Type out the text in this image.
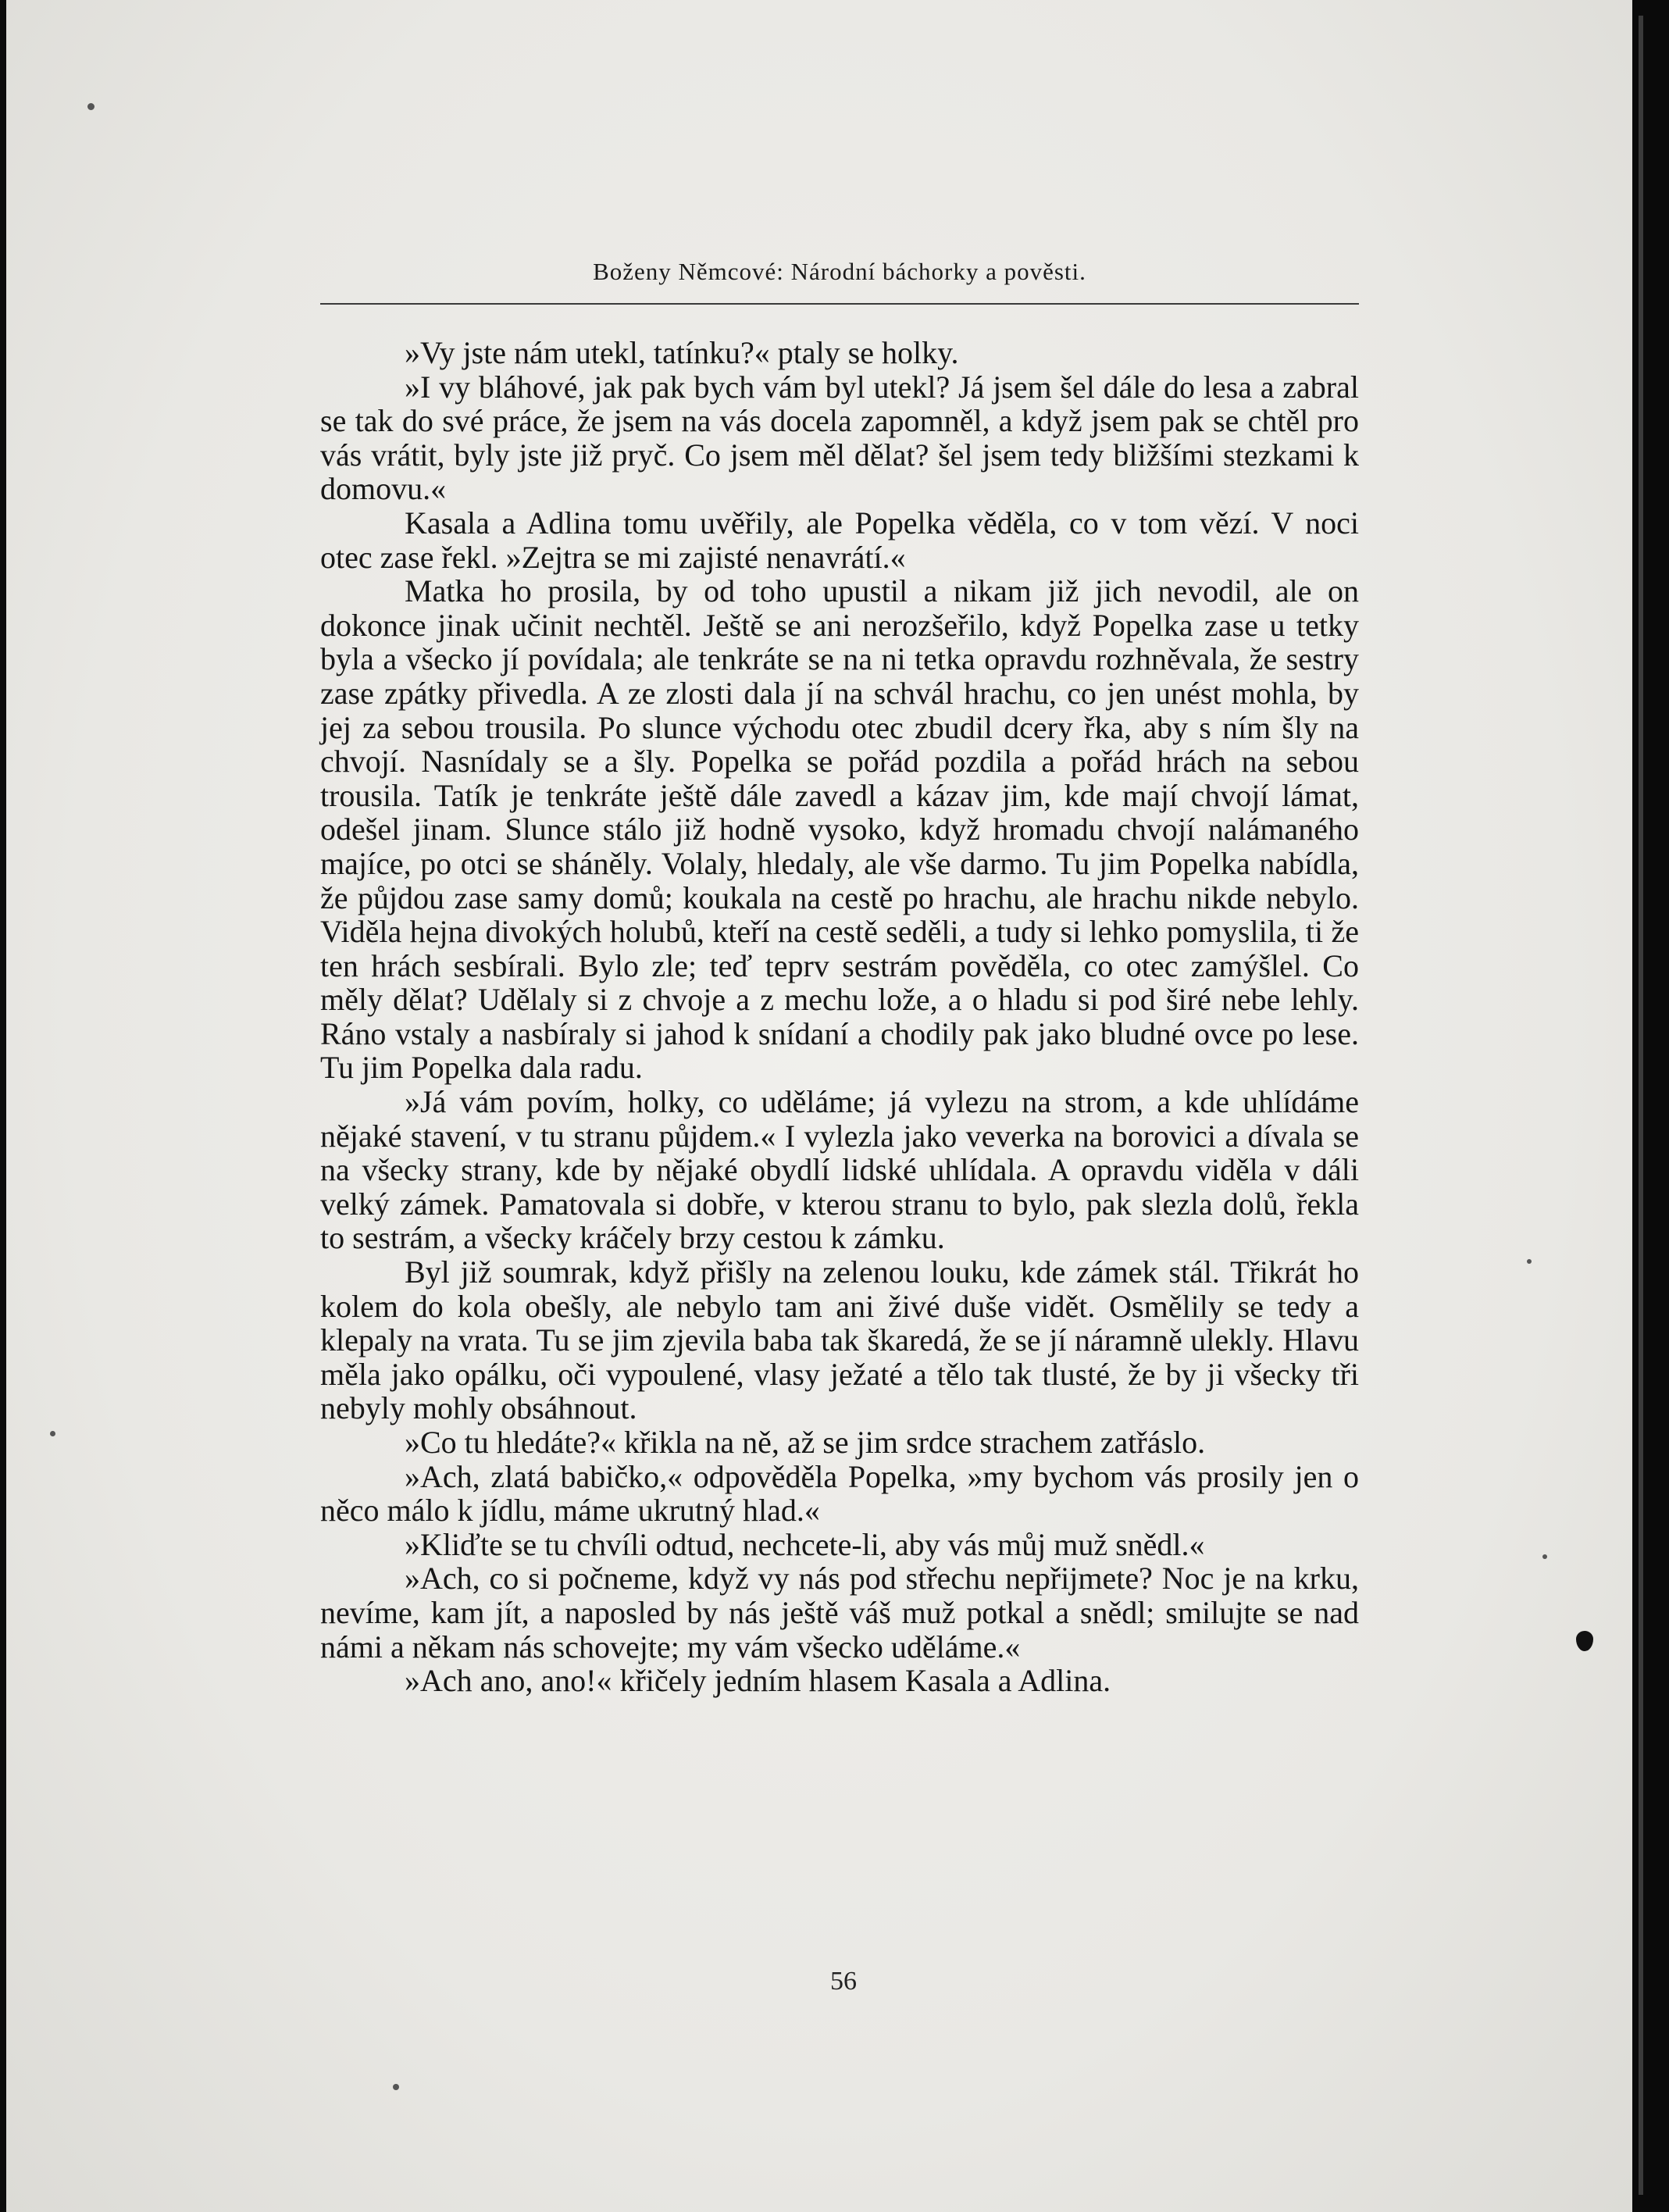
Boženy Němcové: Národní báchorky a pověsti.

»Vy jste nám utekl, tatínku?« ptaly se holky.

»I vy bláhové, jak pak bych vám byl utekl? Já jsem šel dále do lesa a zabral se tak do své práce, že jsem na vás docela zapomněl, a když jsem pak se chtěl pro vás vrátit, byly jste již pryč. Co jsem měl dělat? šel jsem tedy bližšími stezkami k domovu.«

Kasala a Adlina tomu uvěřily, ale Popelka věděla, co v tom vězí. V noci otec zase řekl. »Zejtra se mi zajisté nenavrátí.«

Matka ho prosila, by od toho upustil a nikam již jich nevodil, ale on dokonce jinak učinit nechtěl. Ještě se ani nerozšeřilo, když Popelka zase u tetky byla a všecko jí povídala; ale tenkráte se na ni tetka opravdu rozhněvala, že sestry zase zpátky přivedla. A ze zlosti dala jí na schvál hrachu, co jen unést mohla, by jej za sebou trousila. Po slunce východu otec zbudil dcery řka, aby s ním šly na chvojí. Nasnídaly se a šly. Popelka se pořád pozdila a pořád hrách na sebou trousila. Tatík je tenkráte ještě dále zavedl a kázav jim, kde mají chvojí lámat, odešel jinam. Slunce stálo již hodně vysoko, když hromadu chvojí nalámaného majíce, po otci se sháněly. Volaly, hledaly, ale vše darmo. Tu jim Popelka nabídla, že půjdou zase samy domů; koukala na cestě po hrachu, ale hrachu nikde nebylo. Viděla hejna divokých holubů, kteří na cestě seděli, a tudy si lehko pomyslila, ti že ten hrách sesbírali. Bylo zle; teď teprv sestrám pověděla, co otec zamýšlel. Co měly dělat? Udělaly si z chvoje a z mechu lože, a o hladu si pod širé nebe lehly. Ráno vstaly a nasbíraly si jahod k snídaní a chodily pak jako bludné ovce po lese. Tu jim Popelka dala radu.

»Já vám povím, holky, co uděláme; já vylezu na strom, a kde uhlídáme nějaké stavení, v tu stranu půjdem.« I vylezla jako veverka na borovici a dívala se na všecky strany, kde by nějaké obydlí lidské uhlídala. A opravdu viděla v dáli velký zámek. Pamatovala si dobře, v kterou stranu to bylo, pak slezla dolů, řekla to sestrám, a všecky kráčely brzy cestou k zámku.

Byl již soumrak, když přišly na zelenou louku, kde zámek stál. Třikrát ho kolem do kola obešly, ale nebylo tam ani živé duše vidět. Osmělily se tedy a klepaly na vrata. Tu se jim zjevila baba tak škaredá, že se jí náramně ulekly. Hlavu měla jako opálku, oči vypoulené, vlasy ježaté a tělo tak tlusté, že by ji všecky tři nebyly mohly obsáhnout.

»Co tu hledáte?« křikla na ně, až se jim srdce strachem zatřáslo.

»Ach, zlatá babičko,« odpověděla Popelka, »my bychom vás prosily jen o něco málo k jídlu, máme ukrutný hlad.«

»Kliďte se tu chvíli odtud, nechcete-li, aby vás můj muž snědl.«

»Ach, co si počneme, když vy nás pod střechu nepřijmete? Noc je na krku, nevíme, kam jít, a naposled by nás ještě váš muž potkal a snědl; smilujte se nad námi a někam nás schovejte; my vám všecko uděláme.«

»Ach ano, ano!« křičely jedním hlasem Kasala a Adlina.

56
